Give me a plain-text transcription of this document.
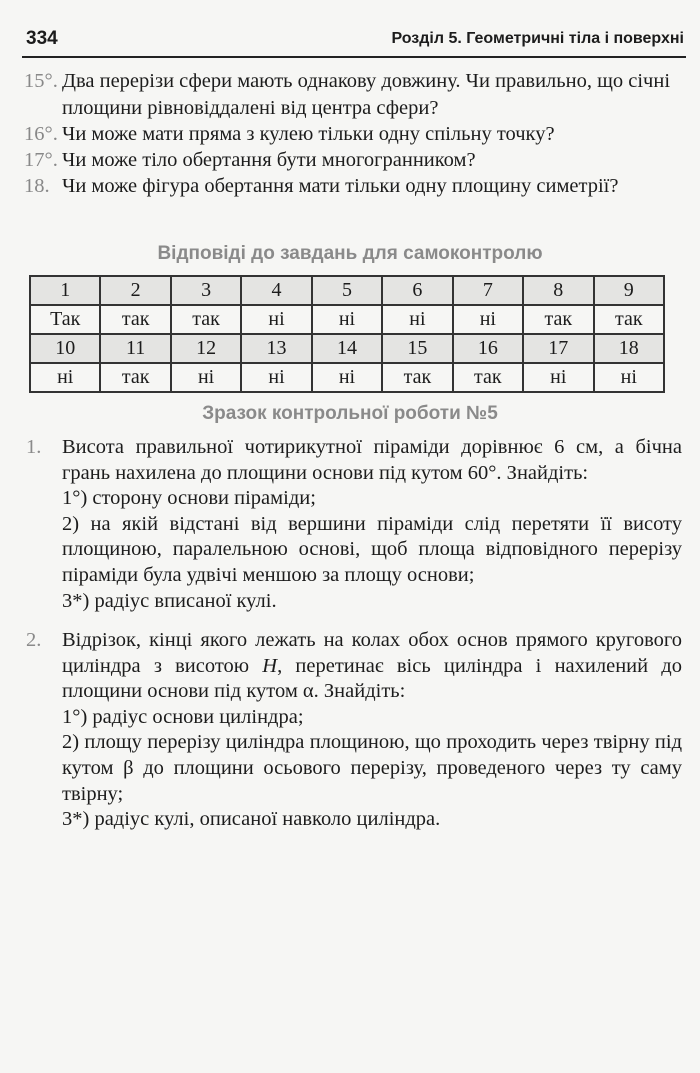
334	Розділ 5. Геометричні тіла і поверхні
15°. Два перерізи сфери мають однакову довжину. Чи правильно, що січні площини рівновіддалені від центра сфери?
16°. Чи може мати пряма з кулею тільки одну спільну точку?
17°. Чи може тіло обертання бути многогранником?
18. Чи може фігура обертання мати тільки одну площину симетрії?
Відповіді до завдань для самоконтролю
1	2	3	4	5	6	7	8	9
Так	так	так	ні	ні	ні	ні	так	так
10	11	12	13	14	15	16	17	18
ні	так	ні	ні	ні	так	так	ні	ні
Зразок контрольної роботи №5
1. Висота правильної чотирикутної піраміди дорівнює 6 см, а бічна грань нахилена до площини основи під кутом 60°. Знайдіть:

1°) сторону основи піраміди;

2) на якій відстані від вершини піраміди слід перетяти її висоту площиною, паралельною основі, щоб площа відповідного перерізу піраміди була удвічі меншою за площу основи;

3*) радіус вписаної кулі.

2. Відрізок, кінці якого лежать на колах обох основ прямого кругового циліндра з висотою H, перетинає вісь циліндра і нахилений до площини основи під кутом α. Знайдіть:

1°) радіус основи циліндра;

2) площу перерізу циліндра площиною, що проходить через твірну під кутом β до площини осьового перерізу, проведеного через ту саму твірну;

3*) радіус кулі, описаної навколо циліндра.
